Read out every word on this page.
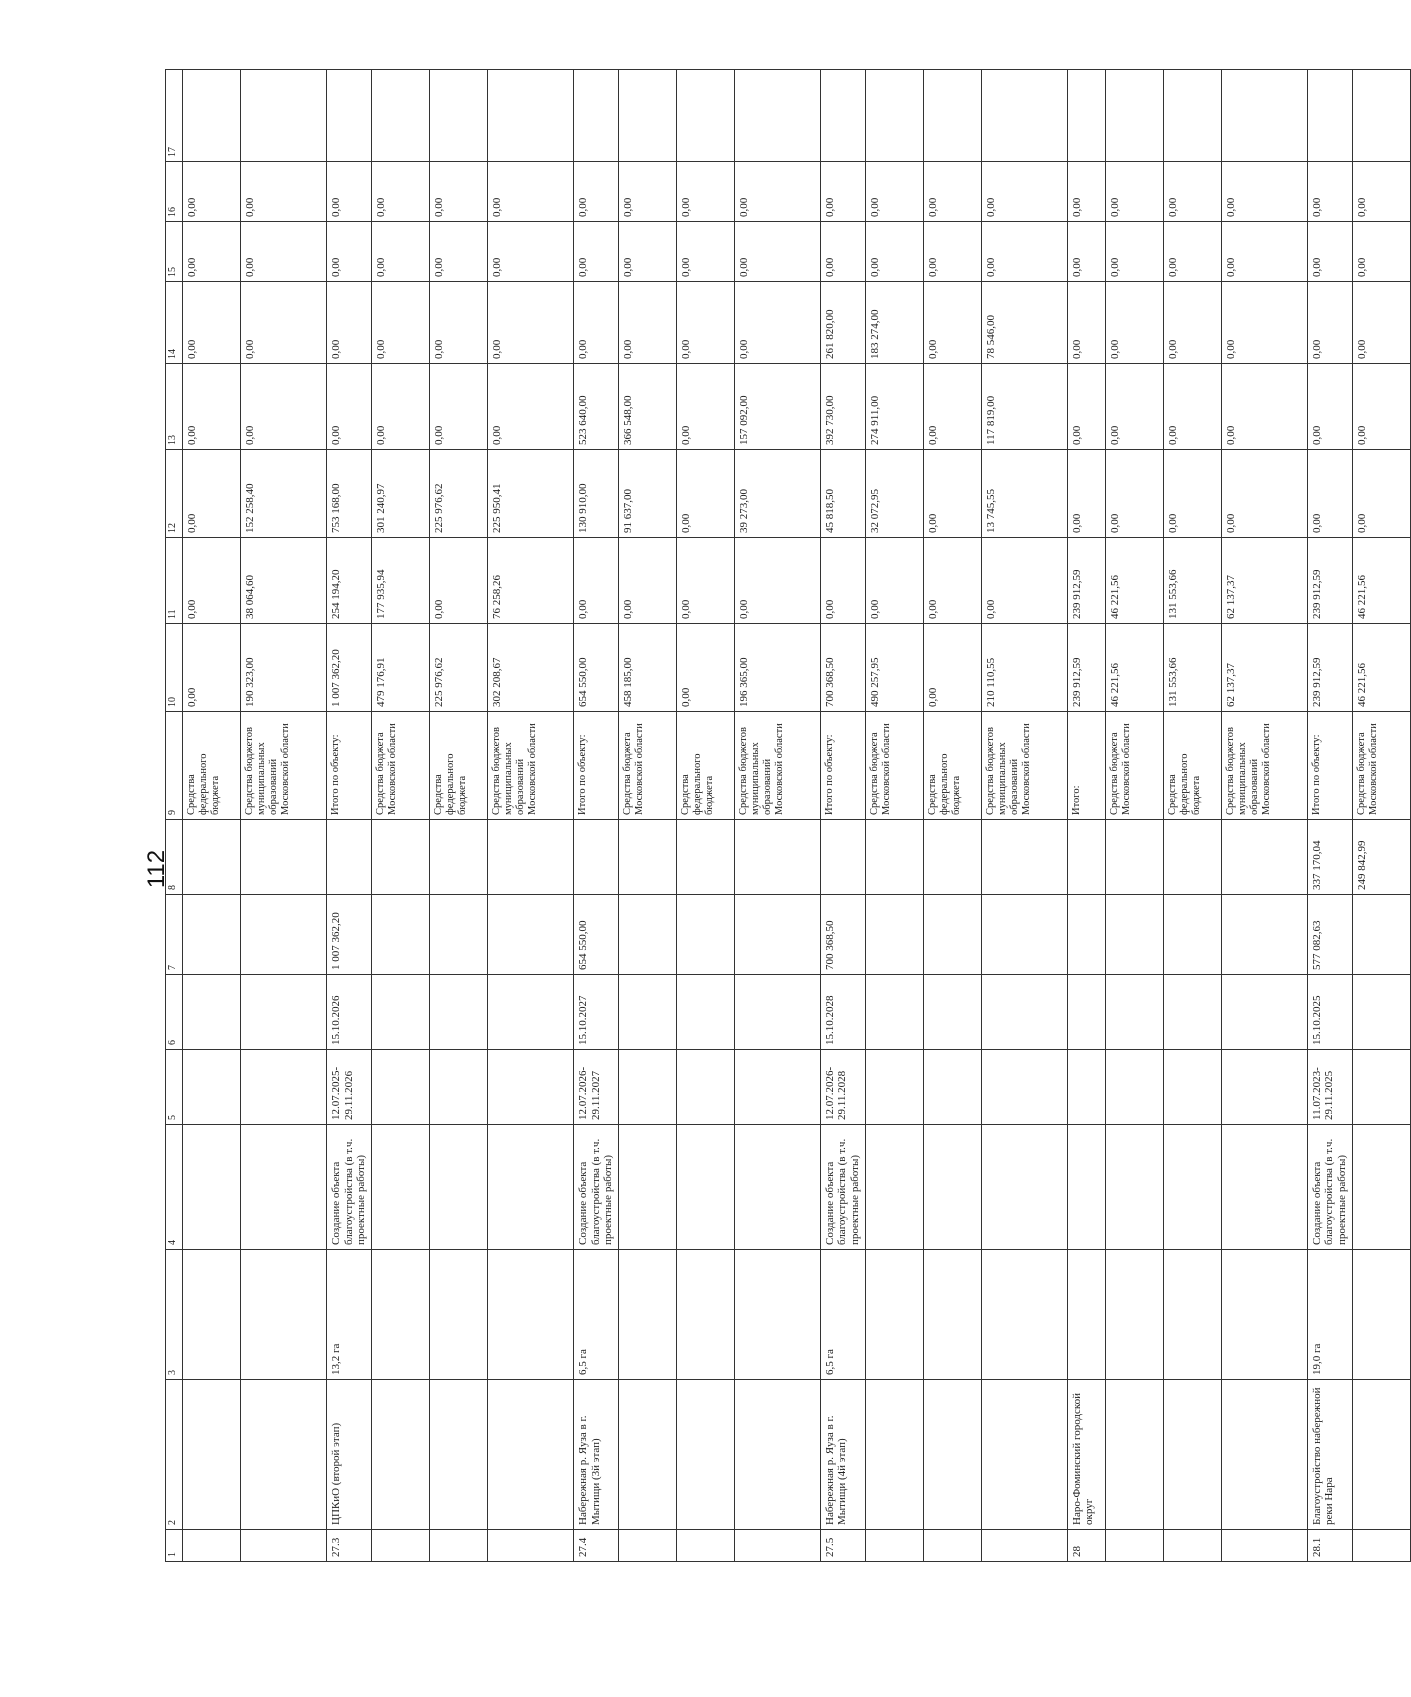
112
1	2	3	4	5	6	7	8	9	10	11	12	13	14	15	16	17
								Средства федерального бюджета	0,00	0,00	0,00	0,00	0,00	0,00	0,00	
								Средства бюджетов муниципальных образований Московской области	190 323,00	38 064,60	152 258,40	0,00	0,00	0,00	0,00	
27.3	ЦПКиО (второй этап)	13,2 га	Создание объекта благоустройства (в т.ч. проектные работы)	12.07.2025-29.11.2026	15.10.2026	1 007 362,20		Итого по объекту:	1 007 362,20	254 194,20	753 168,00	0,00	0,00	0,00	0,00	
								Средства бюджета Московской области	479 176,91	177 935,94	301 240,97	0,00	0,00	0,00	0,00	
								Средства федерального бюджета	225 976,62	0,00	225 976,62	0,00	0,00	0,00	0,00	
								Средства бюджетов муниципальных образований Московской области	302 208,67	76 258,26	225 950,41	0,00	0,00	0,00	0,00	
27.4	Набережная р. Яуза в г. Мытищи (3й этап)	6,5 га	Создание объекта благоустройства (в т.ч. проектные работы)	12.07.2026-29.11.2027	15.10.2027	654 550,00		Итого по объекту:	654 550,00	0,00	130 910,00	523 640,00	0,00	0,00	0,00	
								Средства бюджета Московской области	458 185,00	0,00	91 637,00	366 548,00	0,00	0,00	0,00	
								Средства федерального бюджета	0,00	0,00	0,00	0,00	0,00	0,00	0,00	
								Средства бюджетов муниципальных образований Московской области	196 365,00	0,00	39 273,00	157 092,00	0,00	0,00	0,00	
27.5	Набережная р. Яуза в г. Мытищи (4й этап)	6,5 га	Создание объекта благоустройства (в т.ч. проектные работы)	12.07.2026-29.11.2028	15.10.2028	700 368,50		Итого по объекту:	700 368,50	0,00	45 818,50	392 730,00	261 820,00	0,00	0,00	
								Средства бюджета Московской области	490 257,95	0,00	32 072,95	274 911,00	183 274,00	0,00	0,00	
								Средства федерального бюджета	0,00	0,00	0,00	0,00	0,00	0,00	0,00	
								Средства бюджетов муниципальных образований Московской области	210 110,55	0,00	13 745,55	117 819,00	78 546,00	0,00	0,00	
28	Наро-Фоминский городской округ							Итого:	239 912,59	239 912,59	0,00	0,00	0,00	0,00	0,00	
								Средства бюджета Московской области	46 221,56	46 221,56	0,00	0,00	0,00	0,00	0,00	
								Средства федерального бюджета	131 553,66	131 553,66	0,00	0,00	0,00	0,00	0,00	
								Средства бюджетов муниципальных образований Московской области	62 137,37	62 137,37	0,00	0,00	0,00	0,00	0,00	
28.1	Благоустройство набережной реки Нара	19,0 га	Создание объекта благоустройства (в т.ч. проектные работы)	11.07.2023-29.11.2025	15.10.2025	577 082,63	337 170,04	Итого по объекту:	239 912,59	239 912,59	0,00	0,00	0,00	0,00	0,00	
							249 842,99	Средства бюджета Московской области	46 221,56	46 221,56	0,00	0,00	0,00	0,00	0,00	
